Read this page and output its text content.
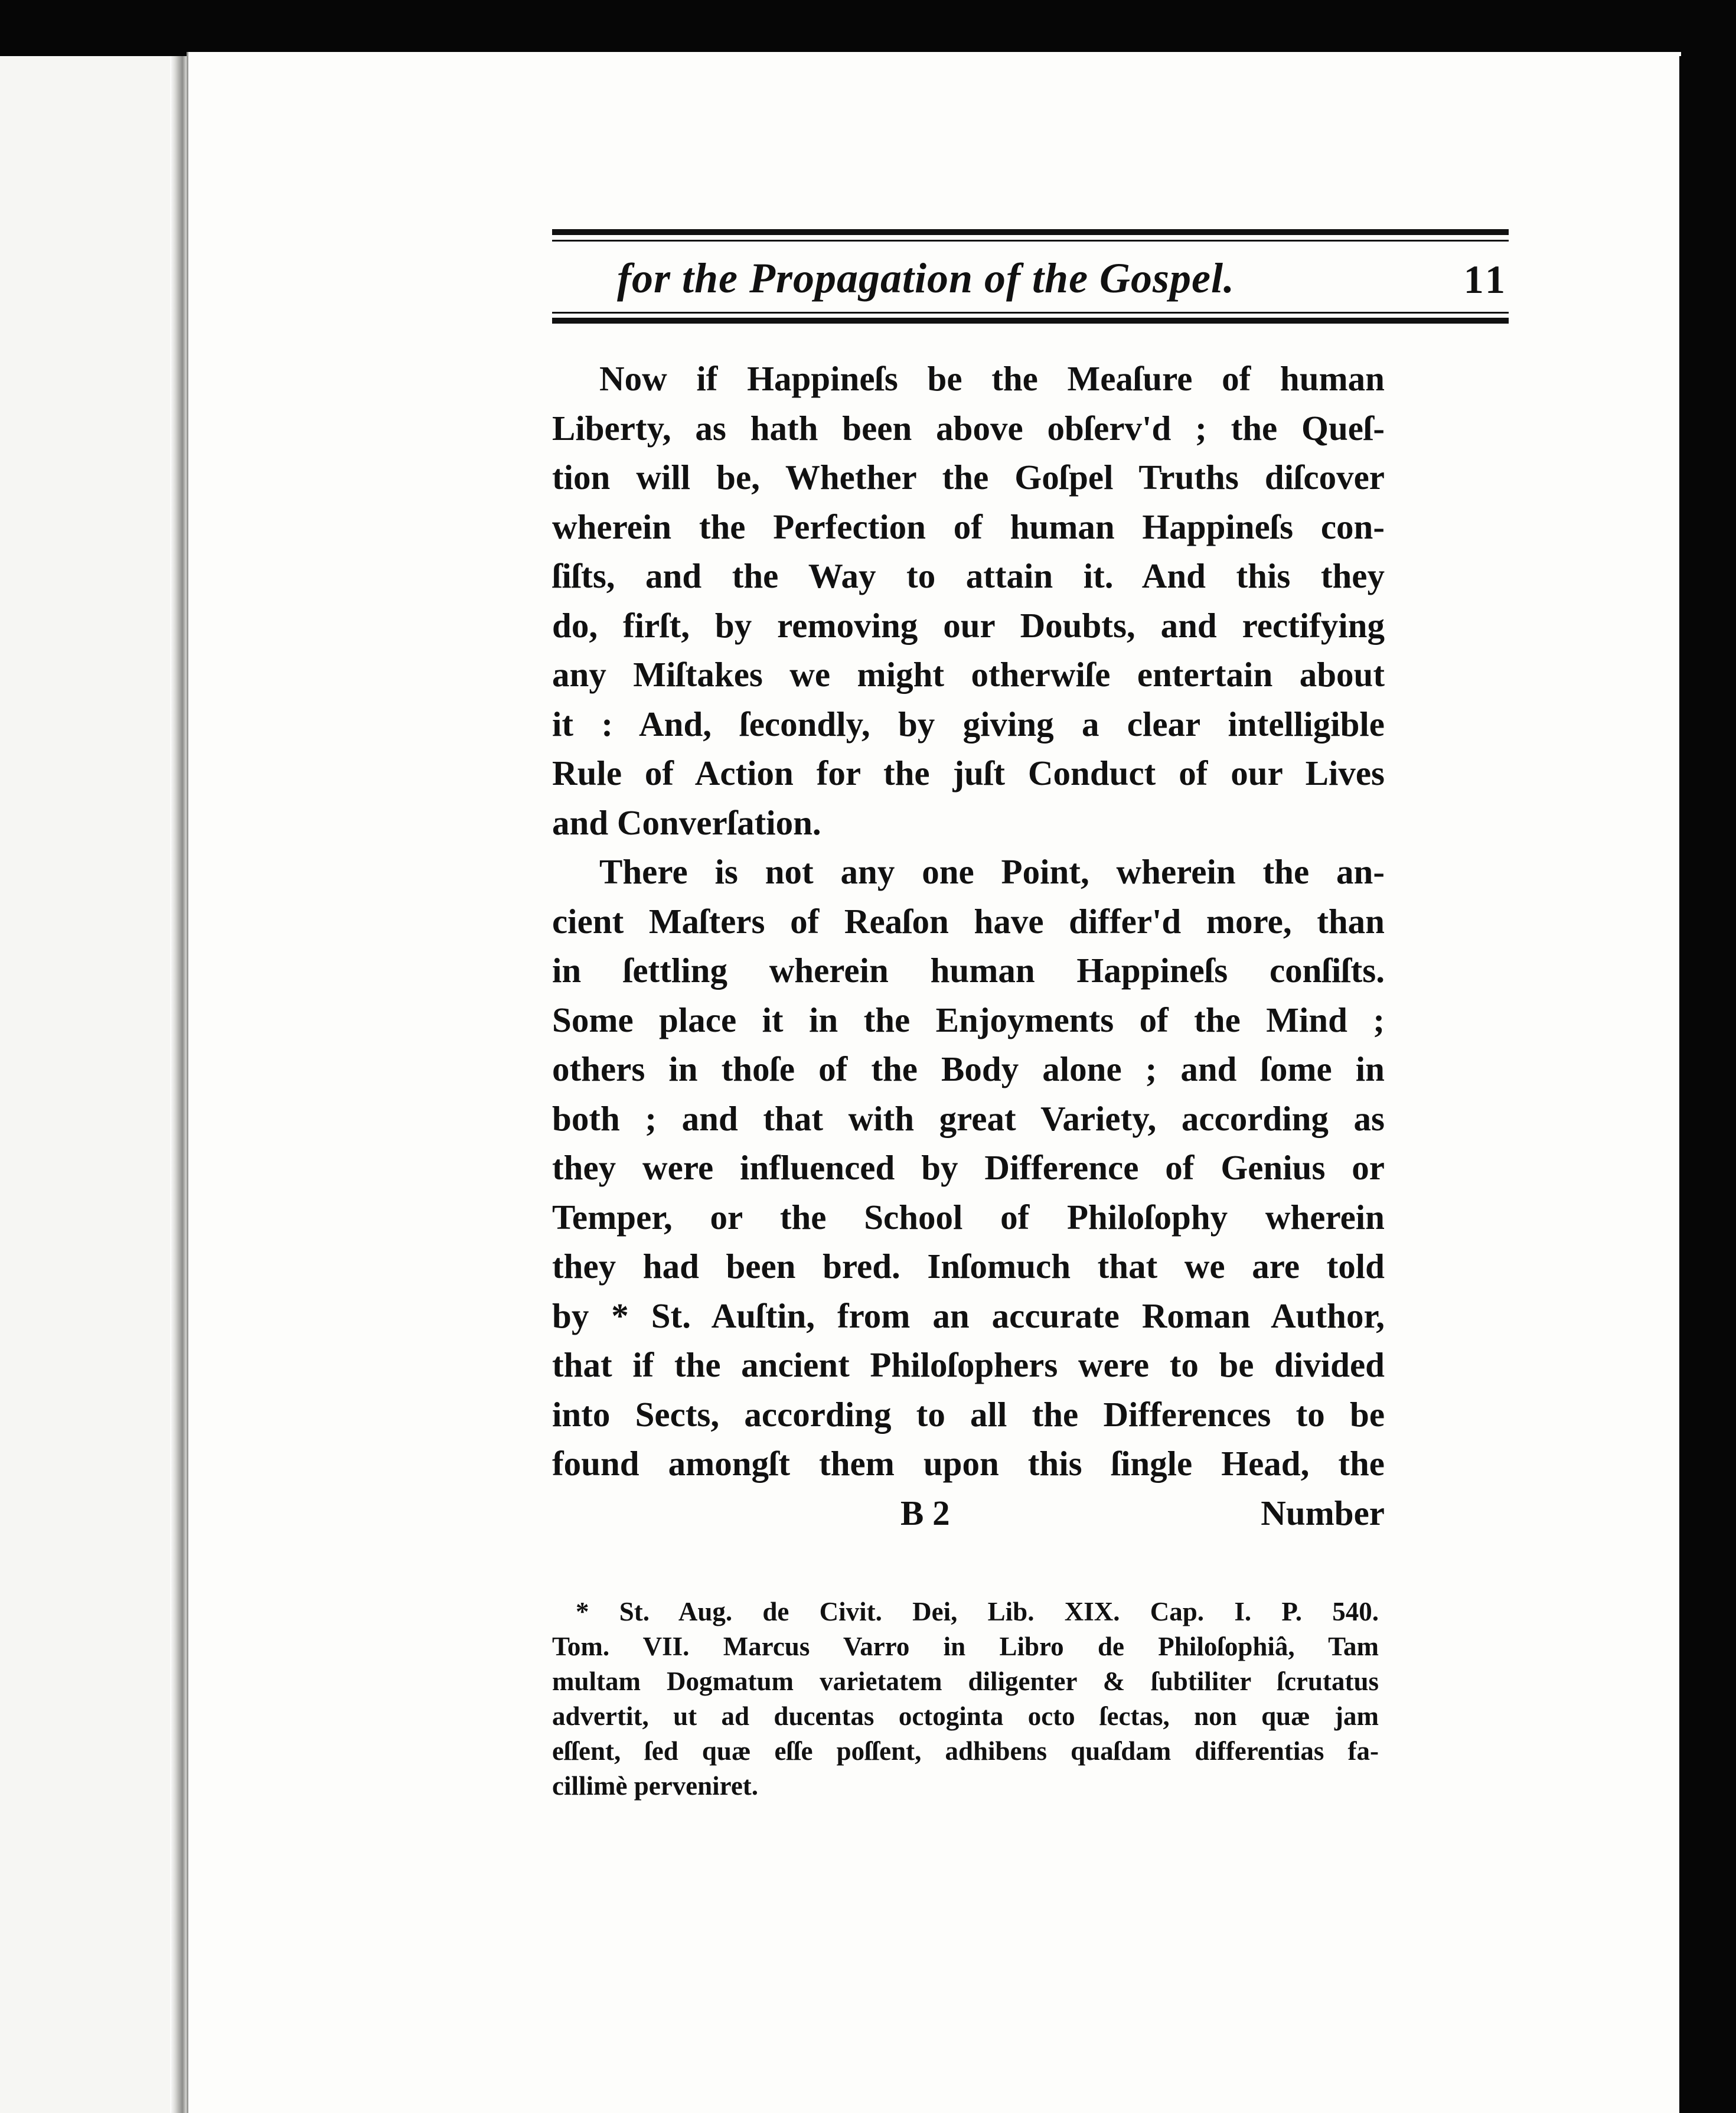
for the Propagation of the Gospel.	11
Now if Happineſs be the Meaſure of human
Liberty, as hath been above obſerv'd ; the Queſ-
tion will be, Whether the Goſpel Truths diſcover
wherein the Perfection of human Happineſs con-
ſiſts, and the Way to attain it. And this they
do, firſt, by removing our Doubts, and rectifying
any Miſtakes we might otherwiſe entertain about
it : And, ſecondly, by giving a clear intelligible
Rule of Action for the juſt Conduct of our Lives
and Converſation.
There is not any one Point, wherein the an-
cient Maſters of Reaſon have differ'd more, than
in ſettling wherein human Happineſs conſiſts.
Some place it in the Enjoyments of the Mind ;
others in thoſe of the Body alone ; and ſome in
both ; and that with great Variety, according as
they were influenced by Difference of Genius or
Temper, or the School of Philoſophy wherein
they had been bred. Inſomuch that we are told
by * St. Auſtin, from an accurate Roman Author,
that if the ancient Philoſophers were to be divided
into Sects, according to all the Differences to be
found amongſt them upon this ſingle Head, the
B 2	Number
* St. Aug. de Civit. Dei, Lib. XIX. Cap. I. P. 540.
Tom. VII. Marcus Varro in Libro de Philoſophiâ, Tam
multam Dogmatum varietatem diligenter & ſubtiliter ſcrutatus
advertit, ut ad ducentas octoginta octo ſectas, non quæ jam
eſſent, ſed quæ eſſe poſſent, adhibens quaſdam differentias fa-
cillimè perveniret.
